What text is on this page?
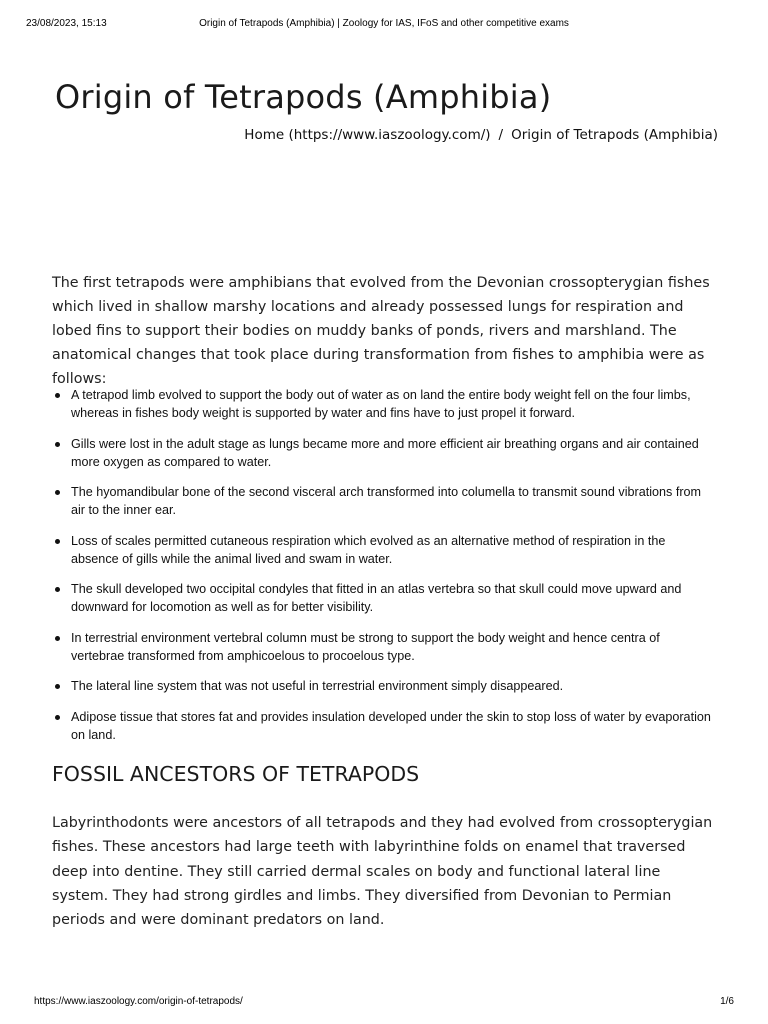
23/08/2023, 15:13	Origin of Tetrapods (Amphibia) | Zoology for IAS, IFoS and other competitive exams
Origin of Tetrapods (Amphibia)
Home (https://www.iaszoology.com/) / Origin of Tetrapods (Amphibia)

The first tetrapods were amphibians that evolved from the Devonian crossopterygian fishes which lived in shallow marshy locations and already possessed lungs for respiration and lobed fins to support their bodies on muddy banks of ponds, rivers and marshland. The anatomical changes that took place during transformation from fishes to amphibia were as follows:

A tetrapod limb evolved to support the body out of water as on land the entire body weight fell on the four limbs, whereas in fishes body weight is supported by water and fins have to just propel it forward.
Gills were lost in the adult stage as lungs became more and more efficient air breathing organs and air contained more oxygen as compared to water.
The hyomandibular bone of the second visceral arch transformed into columella to transmit sound vibrations from air to the inner ear.
Loss of scales permitted cutaneous respiration which evolved as an alternative method of respiration in the absence of gills while the animal lived and swam in water.
The skull developed two occipital condyles that fitted in an atlas vertebra so that skull could move upward and downward for locomotion as well as for better visibility.
In terrestrial environment vertebral column must be strong to support the body weight and hence centra of vertebrae transformed from amphicoelous to procoelous type.
The lateral line system that was not useful in terrestrial environment simply disappeared.
Adipose tissue that stores fat and provides insulation developed under the skin to stop loss of water by evaporation on land.
FOSSIL ANCESTORS OF TETRAPODS

Labyrinthodonts were ancestors of all tetrapods and they had evolved from crossopterygian fishes. These ancestors had large teeth with labyrinthine folds on enamel that traversed deep into dentine. They still carried dermal scales on body and functional lateral line system. They had strong girdles and limbs. They diversified from Devonian to Permian periods and were dominant predators on land.

https://www.iaszoology.com/origin-of-tetrapods/	1/6
